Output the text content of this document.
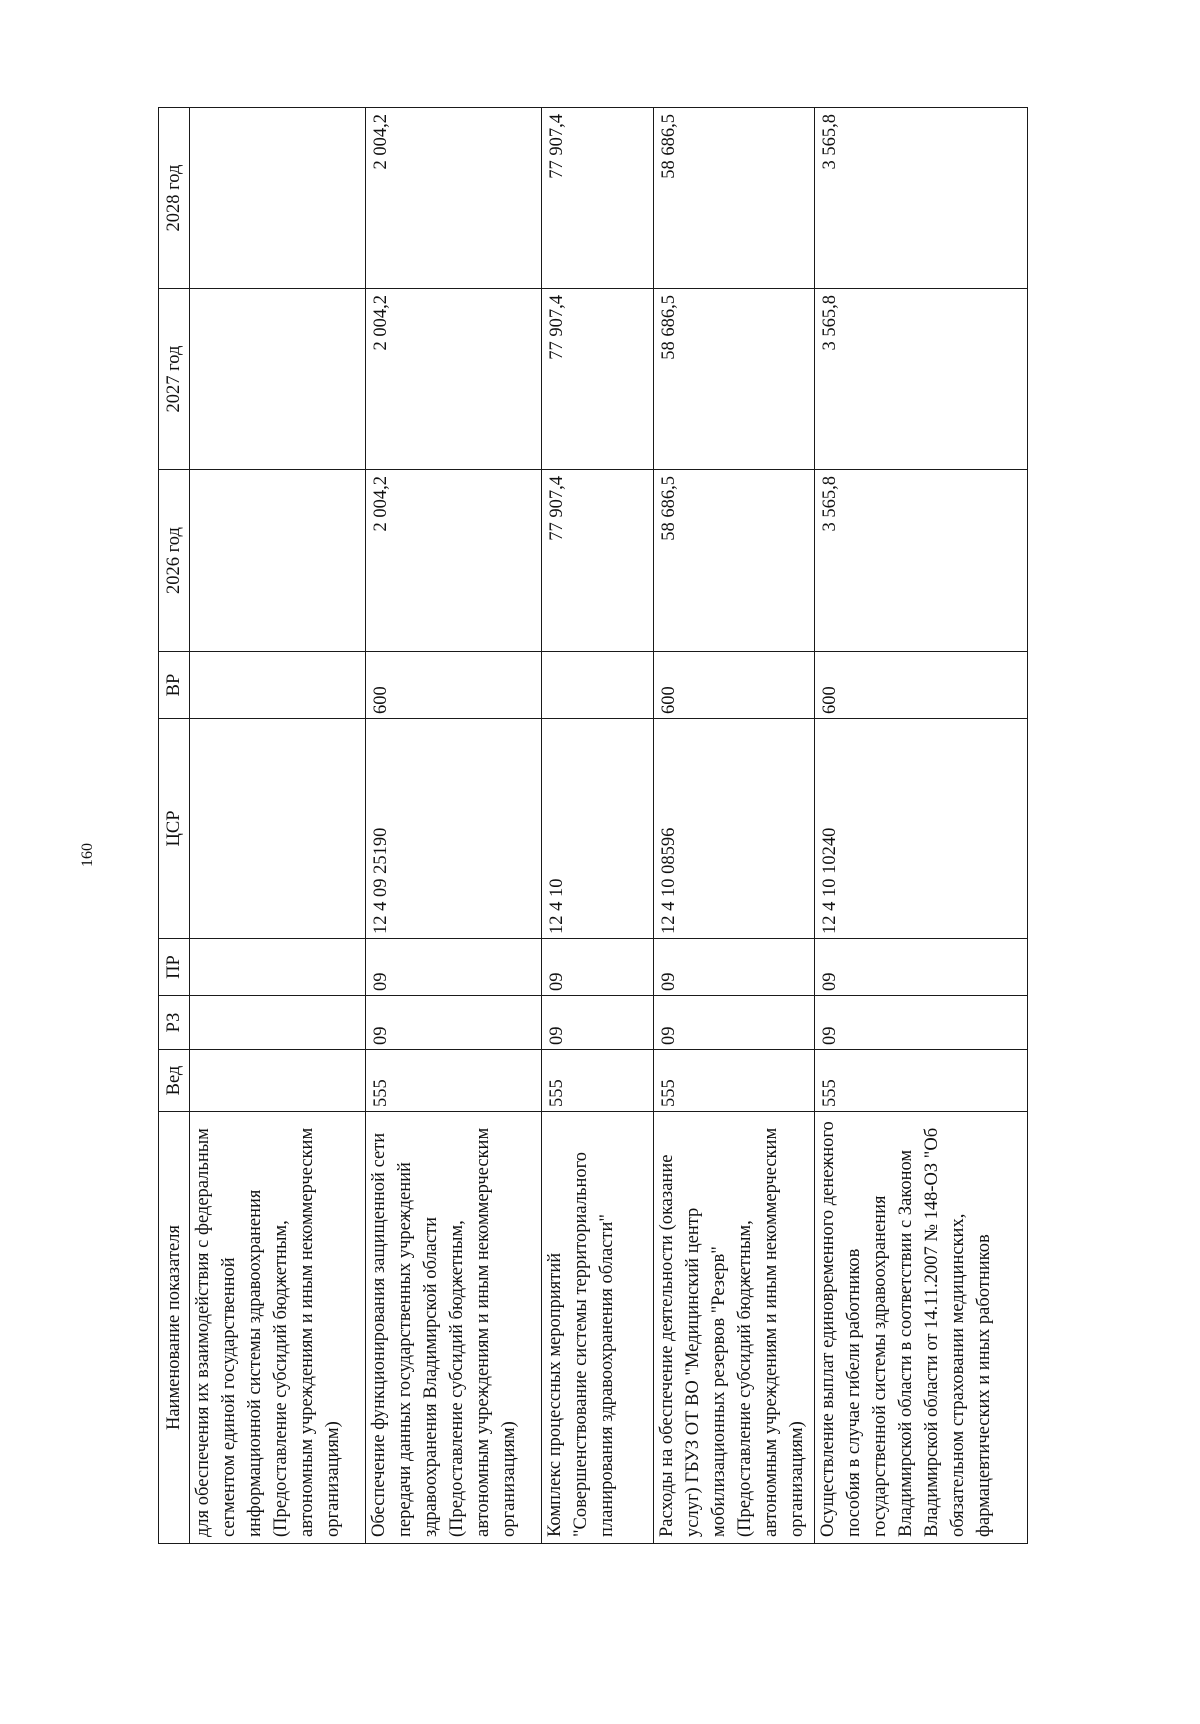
160
Наименование показателя	Вед	РЗ	ПР	ЦСР	ВР	2026 год	2027 год	2028 год
для обеспечения их взаимодействия с федеральным сегментом единой государственной информационной системы здравоохранения (Предоставление субсидий бюджетным, автономным учреждениям и иным некоммерческим организациям)								
Обеспечение функционирования защищенной сети передачи данных государственных учреждений здравоохранения Владимирской области (Предоставление субсидий бюджетным, автономным учреждениям и иным некоммерческим организациям)	555	09	09	12 4 09 25190	600	2 004,2	2 004,2	2 004,2
Комплекс процессных мероприятий "Совершенствование системы территориального планирования здравоохранения области"	555	09	09	12 4 10		77 907,4	77 907,4	77 907,4
Расходы на обеспечение деятельности (оказание услуг) ГБУЗ ОТ ВО "Медицинский центр мобилизационных резервов "Резерв" (Предоставление субсидий бюджетным, автономным учреждениям и иным некоммерческим организациям)	555	09	09	12 4 10 08596	600	58 686,5	58 686,5	58 686,5
Осуществление выплат единовременного денежного пособия в случае гибели работников государственной системы здравоохранения Владимирской области в соответствии с Законом Владимирской области от 14.11.2007 № 148-ОЗ "Об обязательном страховании медицинских, фармацевтических и иных работников	555	09	09	12 4 10 10240	600	3 565,8	3 565,8	3 565,8
